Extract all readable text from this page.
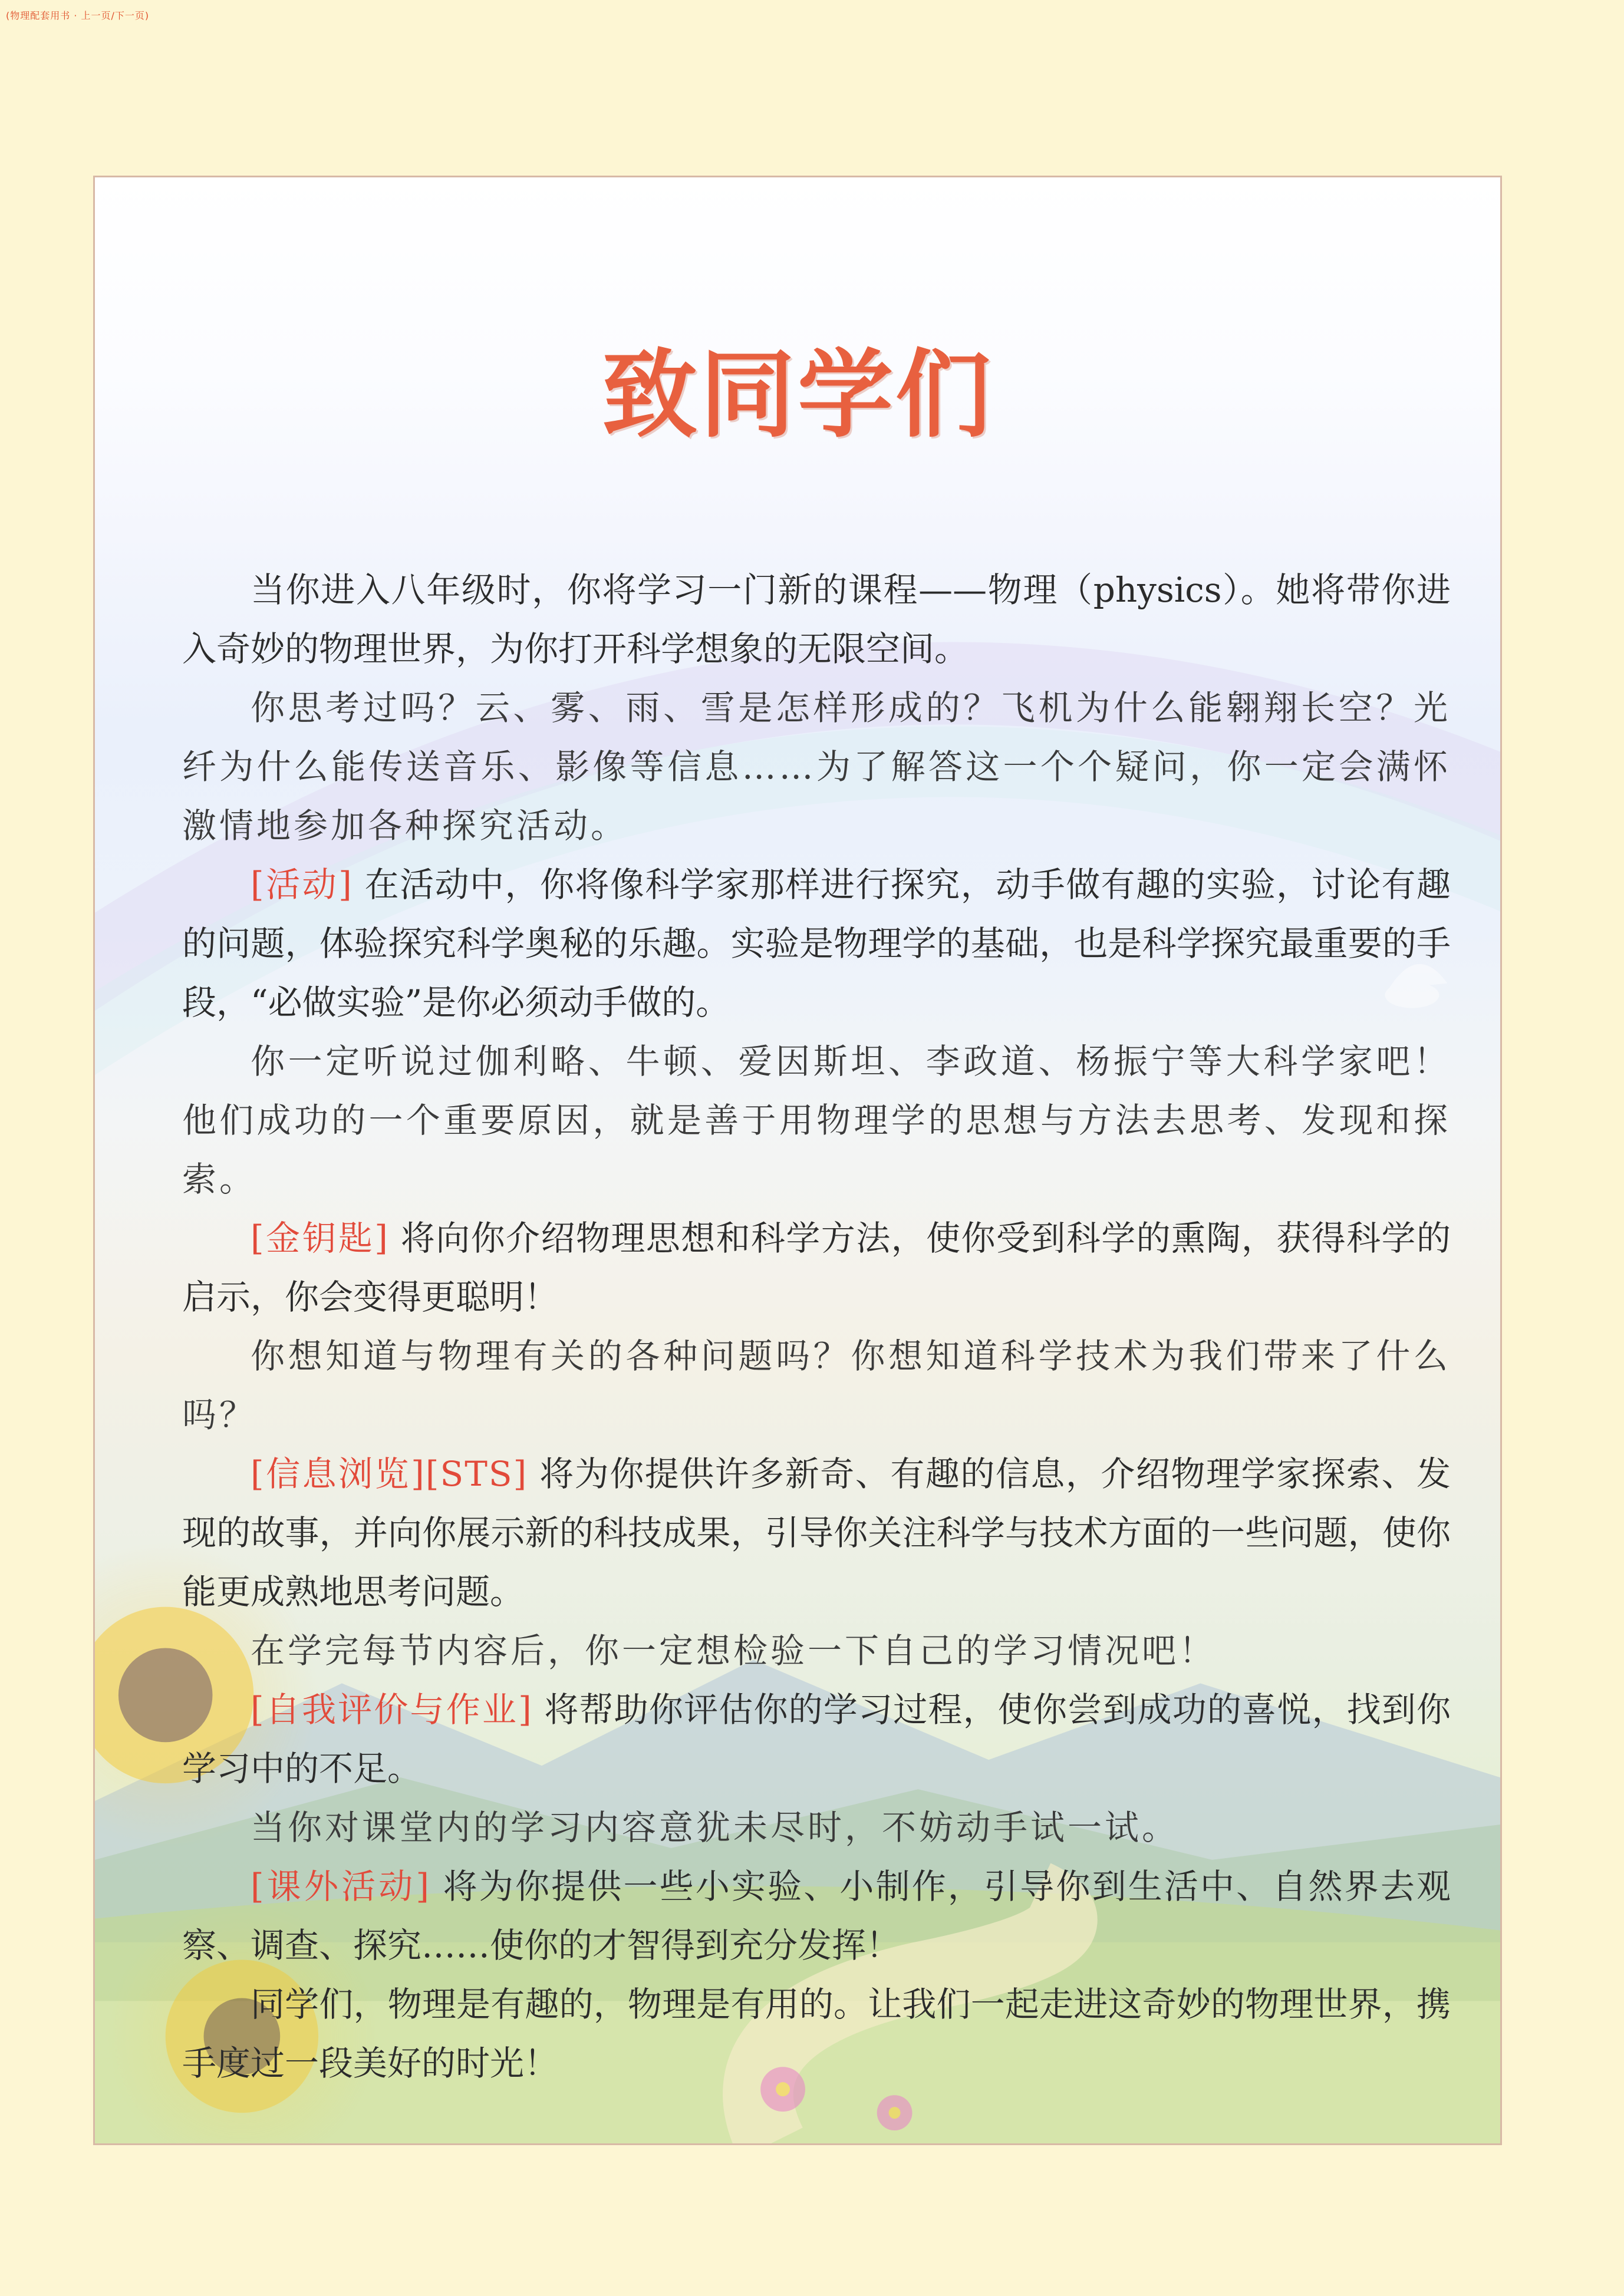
(物理配套用书 · 上一页/下一页)
致同学们

当你进入八年级时，你将学习一门新的课程——物理（physics）。她将带你进入奇妙的物理世界，为你打开科学想象的无限空间。

你思考过吗？云、雾、雨、雪是怎样形成的？飞机为什么能翱翔长空？光纤为什么能传送音乐、影像等信息……为了解答这一个个疑问，你一定会满怀激情地参加各种探究活动。

[活动] 在活动中，你将像科学家那样进行探究，动手做有趣的实验，讨论有趣的问题，体验探究科学奥秘的乐趣。实验是物理学的基础，也是科学探究最重要的手段，“必做实验”是你必须动手做的。

你一定听说过伽利略、牛顿、爱因斯坦、李政道、杨振宁等大科学家吧！他们成功的一个重要原因，就是善于用物理学的思想与方法去思考、发现和探索。

[金钥匙] 将向你介绍物理思想和科学方法，使你受到科学的熏陶，获得科学的启示，你会变得更聪明！

你想知道与物理有关的各种问题吗？你想知道科学技术为我们带来了什么吗？

[信息浏览][STS] 将为你提供许多新奇、有趣的信息，介绍物理学家探索、发现的故事，并向你展示新的科技成果，引导你关注科学与技术方面的一些问题，使你能更成熟地思考问题。

在学完每节内容后，你一定想检验一下自己的学习情况吧！

[自我评价与作业] 将帮助你评估你的学习过程，使你尝到成功的喜悦，找到你学习中的不足。

当你对课堂内的学习内容意犹未尽时，不妨动手试一试。

[课外活动] 将为你提供一些小实验、小制作，引导你到生活中、自然界去观察、调查、探究……使你的才智得到充分发挥！

同学们，物理是有趣的，物理是有用的。让我们一起走进这奇妙的物理世界，携手度过一段美好的时光！
